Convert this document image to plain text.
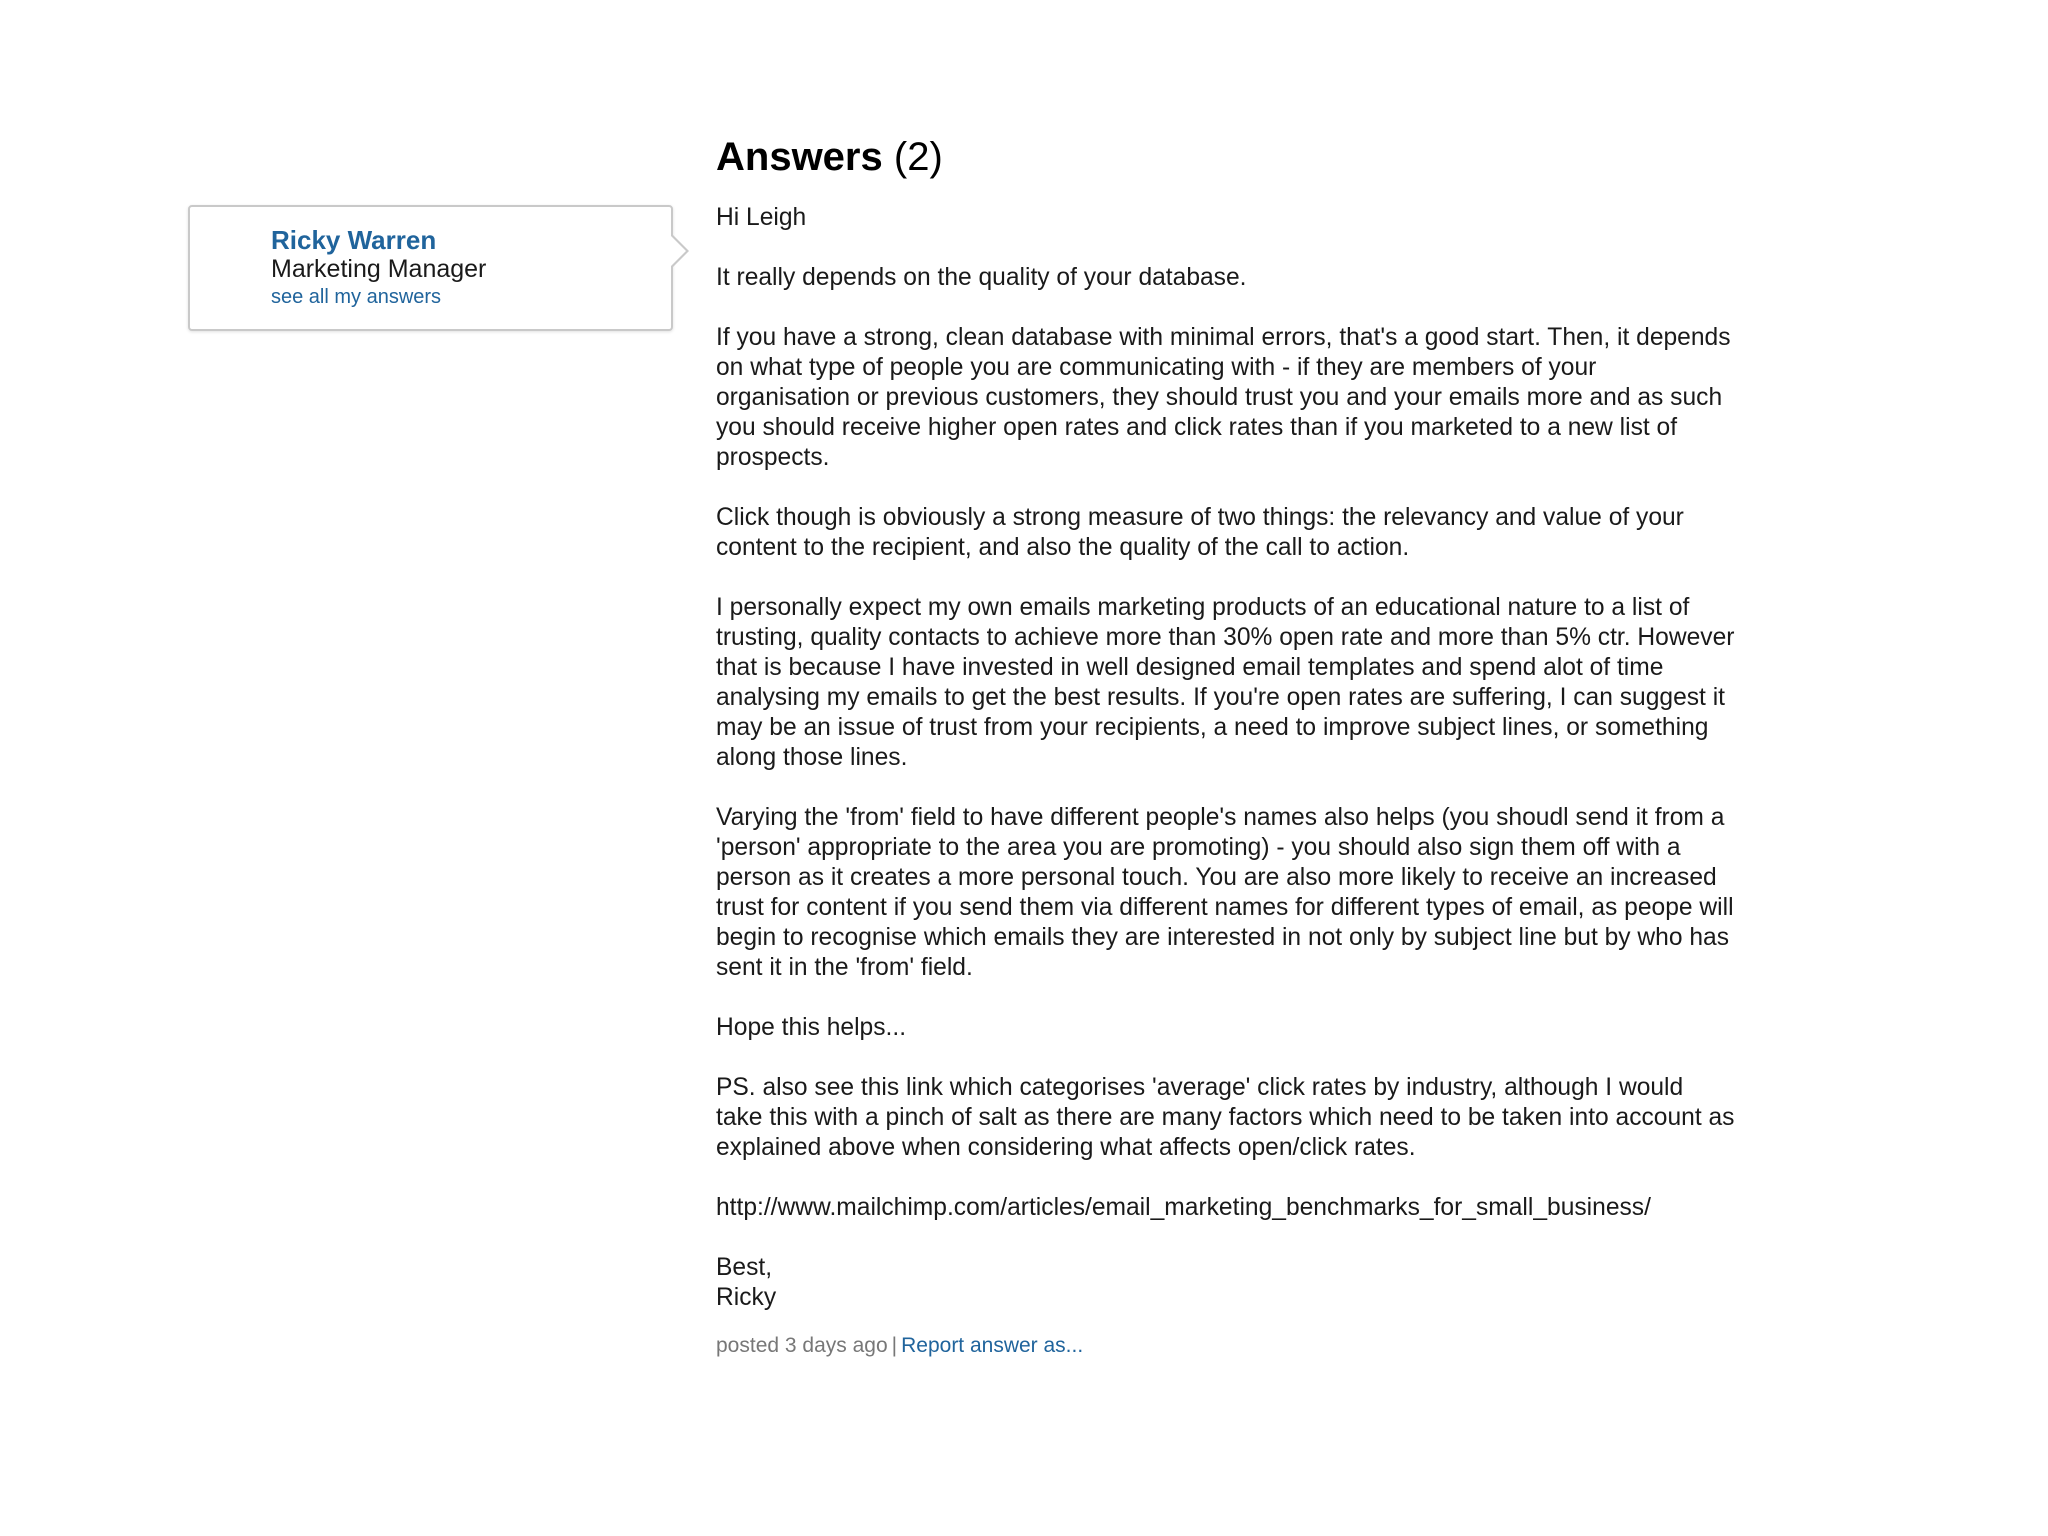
Ricky Warren
Marketing Manager
see all my answers
Answers (2)

Hi Leigh

It really depends on the quality of your database.

If you have a strong, clean database with minimal errors, that's a good start. Then, it depends on what type of people you are communicating with - if they are members of your organisation or previous customers, they should trust you and your emails more and as such you should receive higher open rates and click rates than if you marketed to a new list of prospects.

Click though is obviously a strong measure of two things: the relevancy and value of your content to the recipient, and also the quality of the call to action.

I personally expect my own emails marketing products of an educational nature to a list of trusting, quality contacts to achieve more than 30% open rate and more than 5% ctr. However that is because I have invested in well designed email templates and spend alot of time analysing my emails to get the best results. If you're open rates are suffering, I can suggest it may be an issue of trust from your recipients, a need to improve subject lines, or something along those lines.

Varying the 'from' field to have different people's names also helps (you shoudl send it from a 'person' appropriate to the area you are promoting) - you should also sign them off with a person as it creates a more personal touch. You are also more likely to receive an increased trust for content if you send them via different names for different types of email, as peope will begin to recognise which emails they are interested in not only by subject line but by who has sent it in the 'from' field.

Hope this helps...

PS. also see this link which categorises 'average' click rates by industry, although I would take this with a pinch of salt as there are many factors which need to be taken into account as explained above when considering what affects open/click rates.

http://www.mailchimp.com/articles/email_marketing_benchmarks_for_small_business/

Best,
Ricky

posted 3 days ago | Report answer as...
